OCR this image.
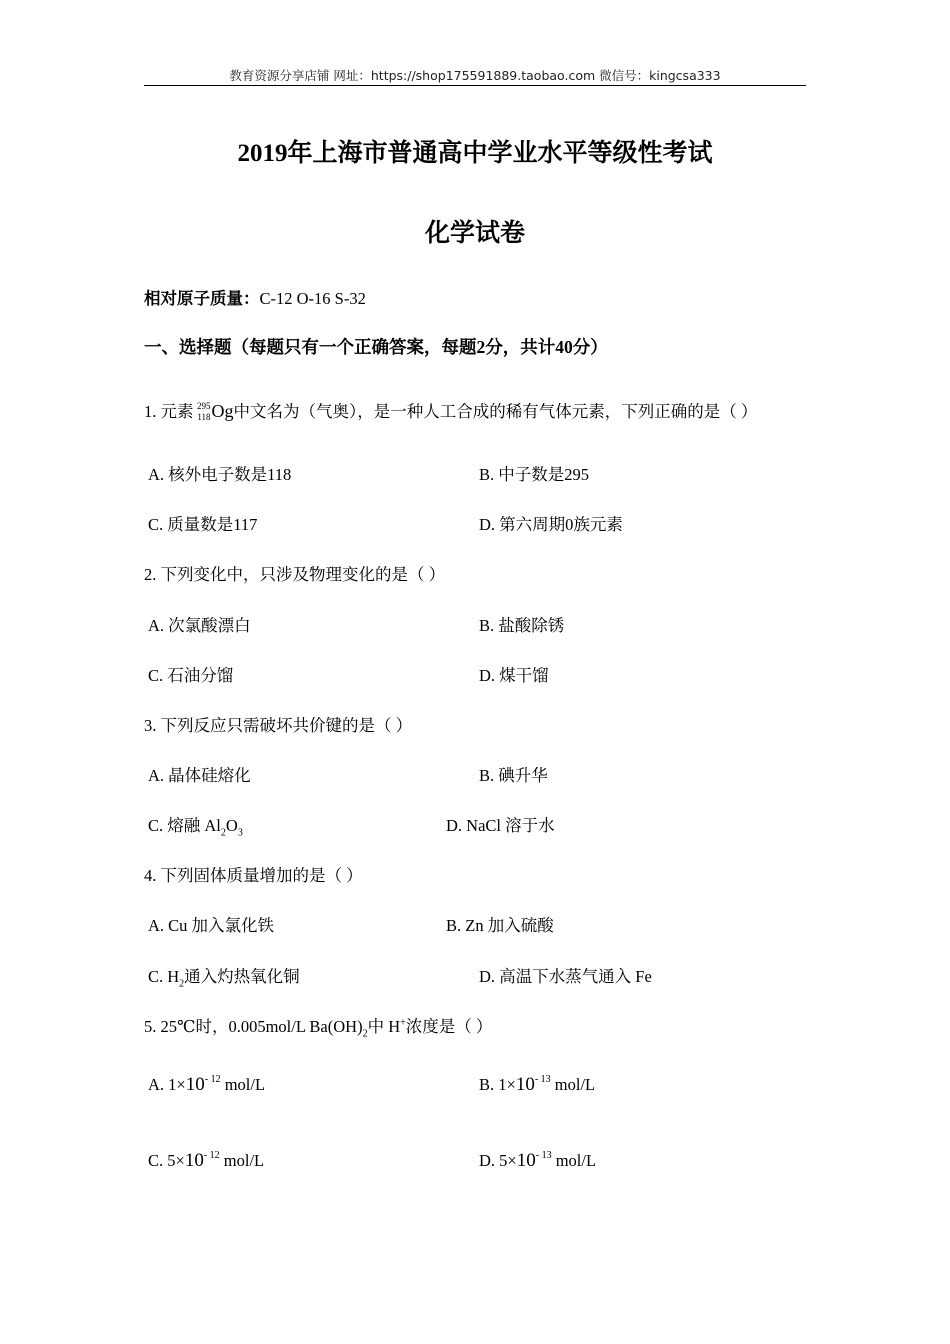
教育资源分享店铺 网址：https://shop175591889.taobao.com 微信号：kingcsa333
2019年上海市普通高中学业水平等级性考试
化学试卷
相对原子质量：C-12 O-16 S-32
一、选择题（每题只有一个正确答案，每题2分，共计40分）
1. 元素 295
118 Og中文名为（气奥），是一种人工合成的稀有气体元素，下列正确的是（ ）
A. 核外电子数是118	B. 中子数是295
C. 质量数是117	D. 第六周期0族元素
2. 下列变化中，只涉及物理变化的是（ ）
A. 次氯酸漂白	B. 盐酸除锈
C. 石油分馏	D. 煤干馏
3. 下列反应只需破坏共价键的是（ ）
A. 晶体硅熔化	B. 碘升华
C. 熔融 $Al_2O_3$	D. NaCl 溶于水
4. 下列固体质量增加的是（ ）
A. Cu 加入氯化铁	B. Zn 加入硫酸
C. $H_2$通入灼热氧化铜	D. 高温下水蒸气通入 Fe
5. 25℃时，0.005mol/L $Ba(OH)_2$中 H+浓度是（ ）
A. $1\times 10^{- 12}$ mol/L	B. $1\times 10^{- 13}$ mol/L
C. $5\times 10^{- 12}$ mol/L	D. $5\times 10^{- 13}$ mol/L
